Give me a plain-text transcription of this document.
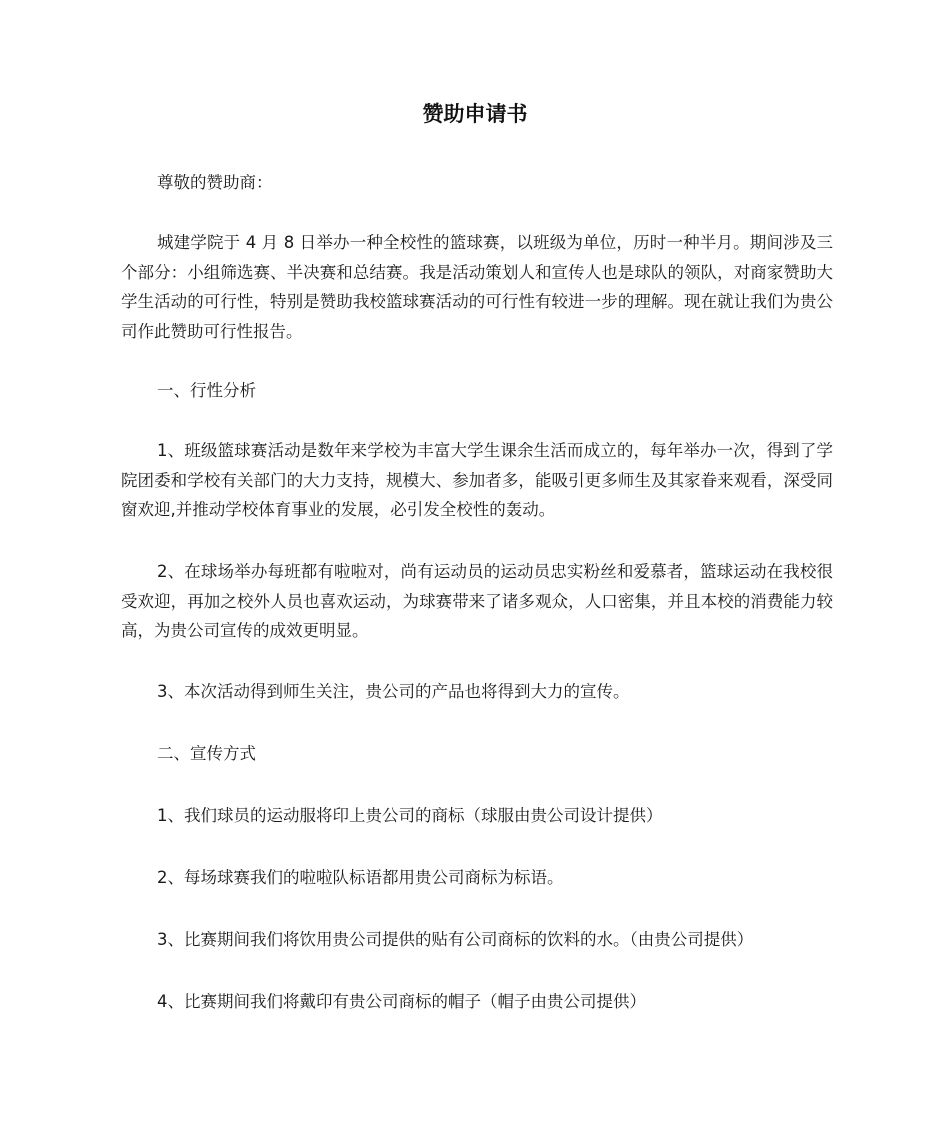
赞助申请书

尊敬的赞助商：

城建学院于 4 月 8 日举办一种全校性的篮球赛，以班级为单位，历时一种半月。期间涉及三个部分：小组筛选赛、半决赛和总结赛。我是活动策划人和宣传人也是球队的领队，对商家赞助大学生活动的可行性，特别是赞助我校篮球赛活动的可行性有较进一步的理解。现在就让我们为贵公司作此赞助可行性报告。

一、行性分析

1、班级篮球赛活动是数年来学校为丰富大学生课余生活而成立的，每年举办一次，得到了学院团委和学校有关部门的大力支持，规模大、参加者多，能吸引更多师生及其家眷来观看，深受同窗欢迎,并推动学校体育事业的发展，必引发全校性的轰动。

2、在球场举办每班都有啦啦对，尚有运动员的运动员忠实粉丝和爱慕者，篮球运动在我校很受欢迎，再加之校外人员也喜欢运动，为球赛带来了诸多观众，人口密集，并且本校的消费能力较高，为贵公司宣传的成效更明显。

3、本次活动得到师生关注，贵公司的产品也将得到大力的宣传。

二、宣传方式

1、我们球员的运动服将印上贵公司的商标（球服由贵公司设计提供）

2、每场球赛我们的啦啦队标语都用贵公司商标为标语。

3、比赛期间我们将饮用贵公司提供的贴有公司商标的饮料的水。（由贵公司提供）

4、比赛期间我们将戴印有贵公司商标的帽子（帽子由贵公司提供）
